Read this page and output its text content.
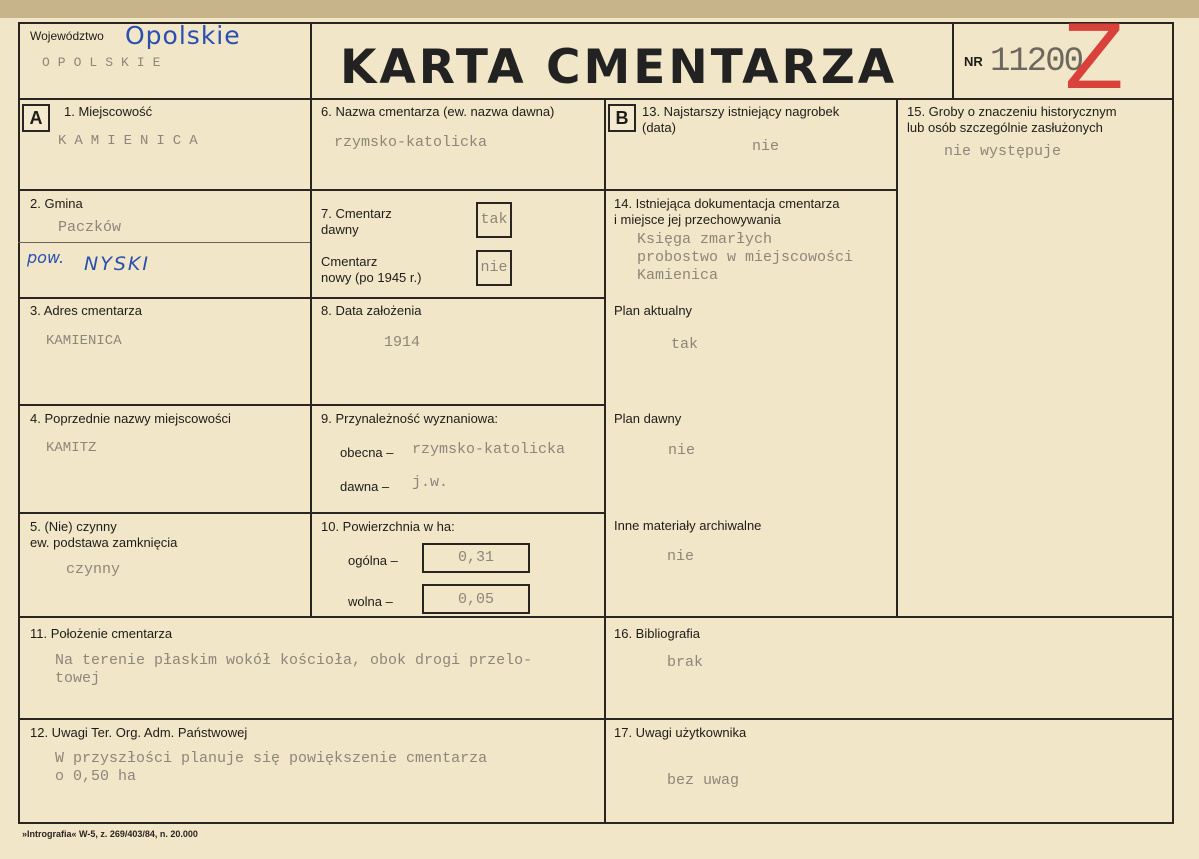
Województwo Opolskie
OPOLSKIE	KARTA CMENTARZA	NR 11200
Z
A	B
1. Miejscowość
KAMIENICA
2. Gmina
Paczków
pow. NYSKI
3. Adres cmentarza
KAMIENICA
4. Poprzednie nazwy miejscowości
KAMITZ
5. (Nie) czynny
ew. podstawa zamknięcia
czynny
6. Nazwa cmentarza (ew. nazwa dawna)
rzymsko-katolicka
7. Cmentarz
dawny
tak
Cmentarz
nowy (po 1945 r.)
nie
8. Data założenia
1914
9. Przynależność wyznaniowa:
obecna – rzymsko-katolicka
dawna – j.w.
10. Powierzchnia w ha:
ogólna –	0,31
wolna –	0,05
13. Najstarszy istniejący nagrobek
(data)
nie
14. Istniejąca dokumentacja cmentarza
i miejsce jej przechowywania
Księga zmarłych
probostwo w miejscowości
Kamienica
Plan aktualny
tak
Plan dawny
nie
Inne materiały archiwalne
nie
15. Groby o znaczeniu historycznym
lub osób szczególnie zasłużonych
nie występuje
11. Położenie cmentarza
Na terenie płaskim wokół kościoła, obok drogi przelo-
towej
16. Bibliografia
brak
12. Uwagi Ter. Org. Adm. Państwowej
W przyszłości planuje się powiększenie cmentarza
o 0,50 ha
17. Uwagi użytkownika
bez uwag
»Intrografia« W-5, z. 269/403/84, n. 20.000
